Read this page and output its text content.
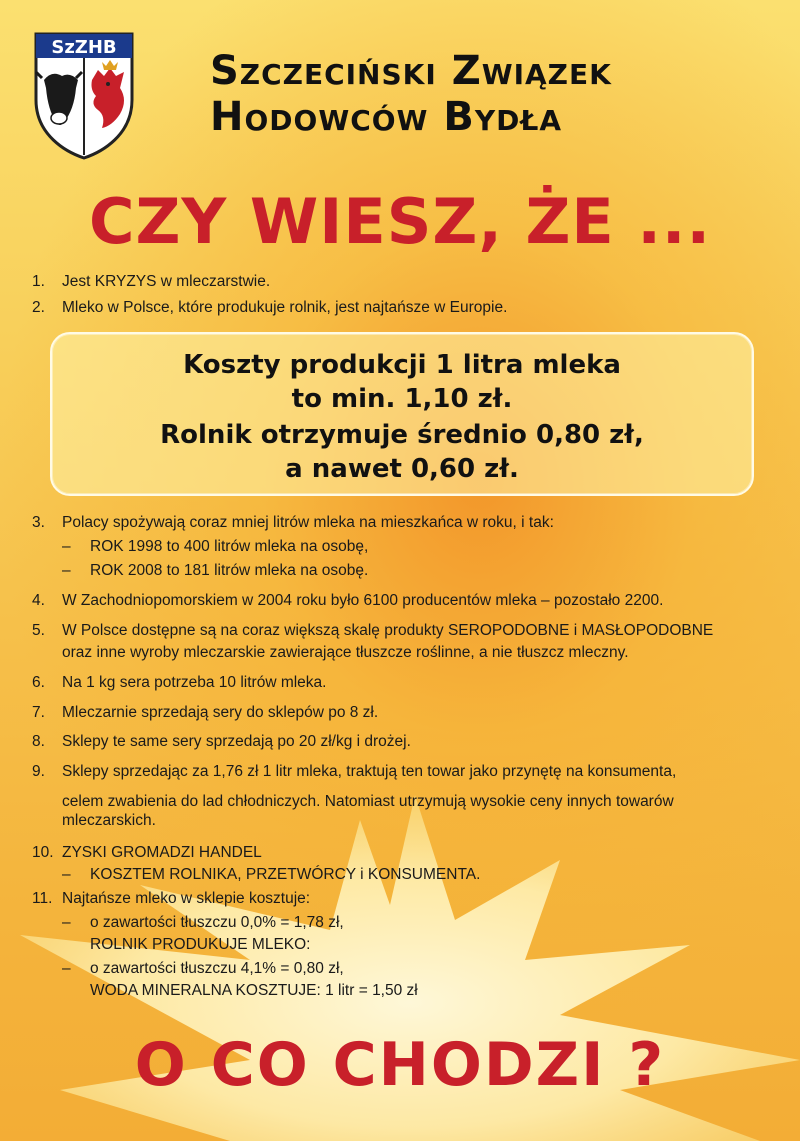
SzZHB
Szczeciński Związek
Hodowców Bydła
CZY WIESZ, ŻE ...
1. Jest KRYZYS w mleczarstwie.
2. Mleko w Polsce, które produkuje rolnik, jest najtańsze w Europie.
Koszty produkcji 1 litra mleka
to min. 1,10 zł.
Rolnik otrzymuje średnio 0,80 zł,
a nawet 0,60 zł.
3. Polacy spożywają coraz mniej litrów mleka na mieszkańca w roku, i tak:
– ROK 1998 to 400 litrów mleka na osobę,
– ROK 2008 to 181 litrów mleka na osobę.
4. W Zachodniopomorskiem w 2004 roku było 6100 producentów mleka – pozostało 2200.
5. W Polsce dostępne są na coraz większą skalę produkty SEROPODOBNE i MASŁOPODOBNE
oraz inne wyroby mleczarskie zawierające tłuszcze roślinne, a nie tłuszcz mleczny.
6. Na 1 kg sera potrzeba 10 litrów mleka.
7. Mleczarnie sprzedają sery do sklepów po 8 zł.
8. Sklepy te same sery sprzedają po 20 zł/kg i drożej.
9. Sklepy sprzedając za 1,76 zł 1 litr mleka, traktują ten towar jako przynętę na konsumenta,
celem zwabienia do lad chłodniczych. Natomiast utrzymują wysokie ceny innych towarów
mleczarskich.
10. ZYSKI GROMADZI HANDEL
– KOSZTEM ROLNIKA, PRZETWÓRCY i KONSUMENTA.
11. Najtańsze mleko w sklepie kosztuje:
– o zawartości tłuszczu 0,0% = 1,78 zł,
ROLNIK PRODUKUJE MLEKO:
– o zawartości tłuszczu 4,1% = 0,80 zł,
WODA MINERALNA KOSZTUJE: 1 litr = 1,50 zł
O CO CHODZI ?
